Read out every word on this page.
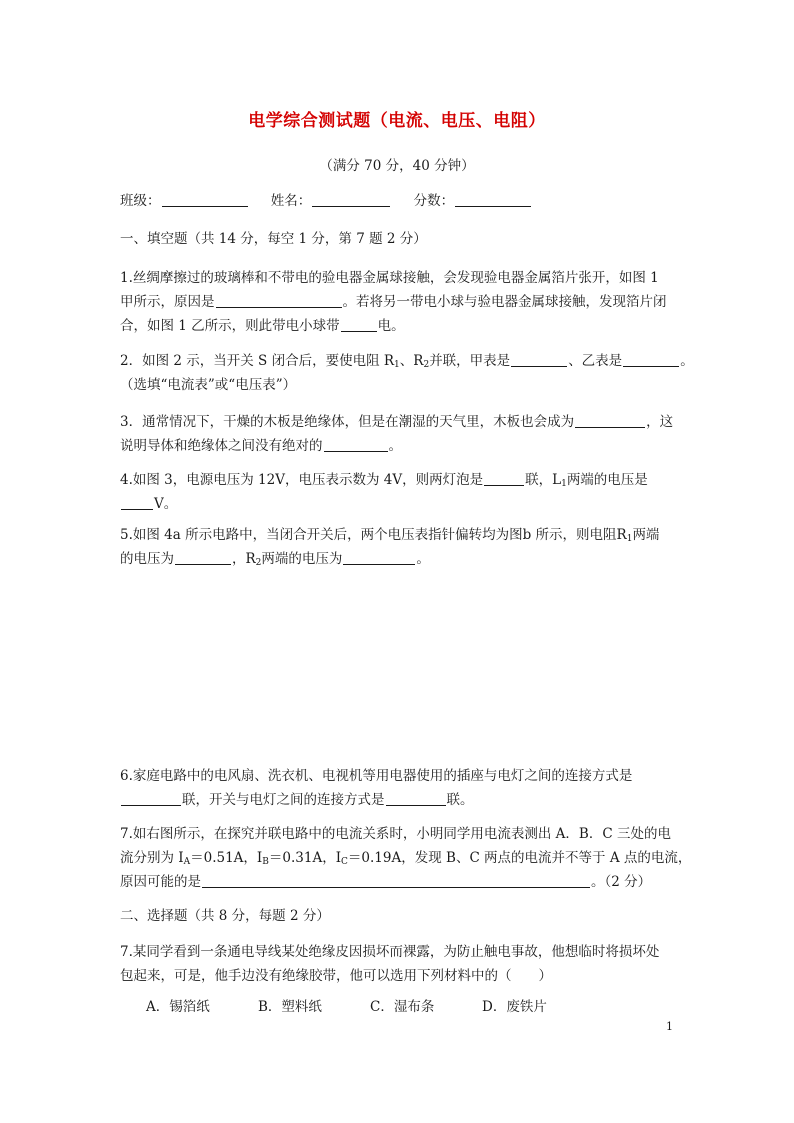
电学综合测试题（电流、电压、电阻）
（满分 70 分，40 分钟）
班级：	姓名：	分数：
一、填空题（共 14 分，每空 1 分，第 7 题 2 分）
1.丝绸摩擦过的玻璃棒和不带电的验电器金属球接触，会发现验电器金属箔片张开，如图 1
甲所示，原因是	。若将另一带电小球与验电器金属球接触，发现箔片闭
合，如图 1 乙所示，则此带电小球带	电。
2．如图 2 示，当开关 S 闭合后，要使电阻 $R_1$、$R_2$并联，甲表是	、乙表是	。
（选填“电流表”或“电压表”）
3．通常情况下，干燥的木板是绝缘体，但是在潮湿的天气里，木板也会成为	，这
说明导体和绝缘体之间没有绝对的	。
4.如图 3，电源电压为 12V，电压表示数为 4V，则两灯泡是	联，$L_1$两端的电压是
V。
5.如图 4a 所示电路中，当闭合开关后，两个电压表指针偏转均为图b 所示，则电阻$R_1$两端
的电压为	，$R_2$两端的电压为	。
6.家庭电路中的电风扇、洗衣机、电视机等用电器使用的插座与电灯之间的连接方式是
联，开关与电灯之间的连接方式是	联。
7.如右图所示，在探究并联电路中的电流关系时，小明同学用电流表测出 A．B．C 三处的电
流分别为 $I_A=0.51A$，$I_B=0.31A$，$I_C=0.19A$，发现 B、C 两点的电流并不等于 A 点的电流，
原因可能的是	。（2 分）
二、选择题（共 8 分，每题 2 分）
7.某同学看到一条通电导线某处绝缘皮因损坏而裸露，为防止触电事故，他想临时将损坏处
包起来，可是，他手边没有绝缘胶带，他可以选用下列材料中的（　　）
A．锡箔纸	B．塑料纸	C．湿布条	D．废铁片
1
